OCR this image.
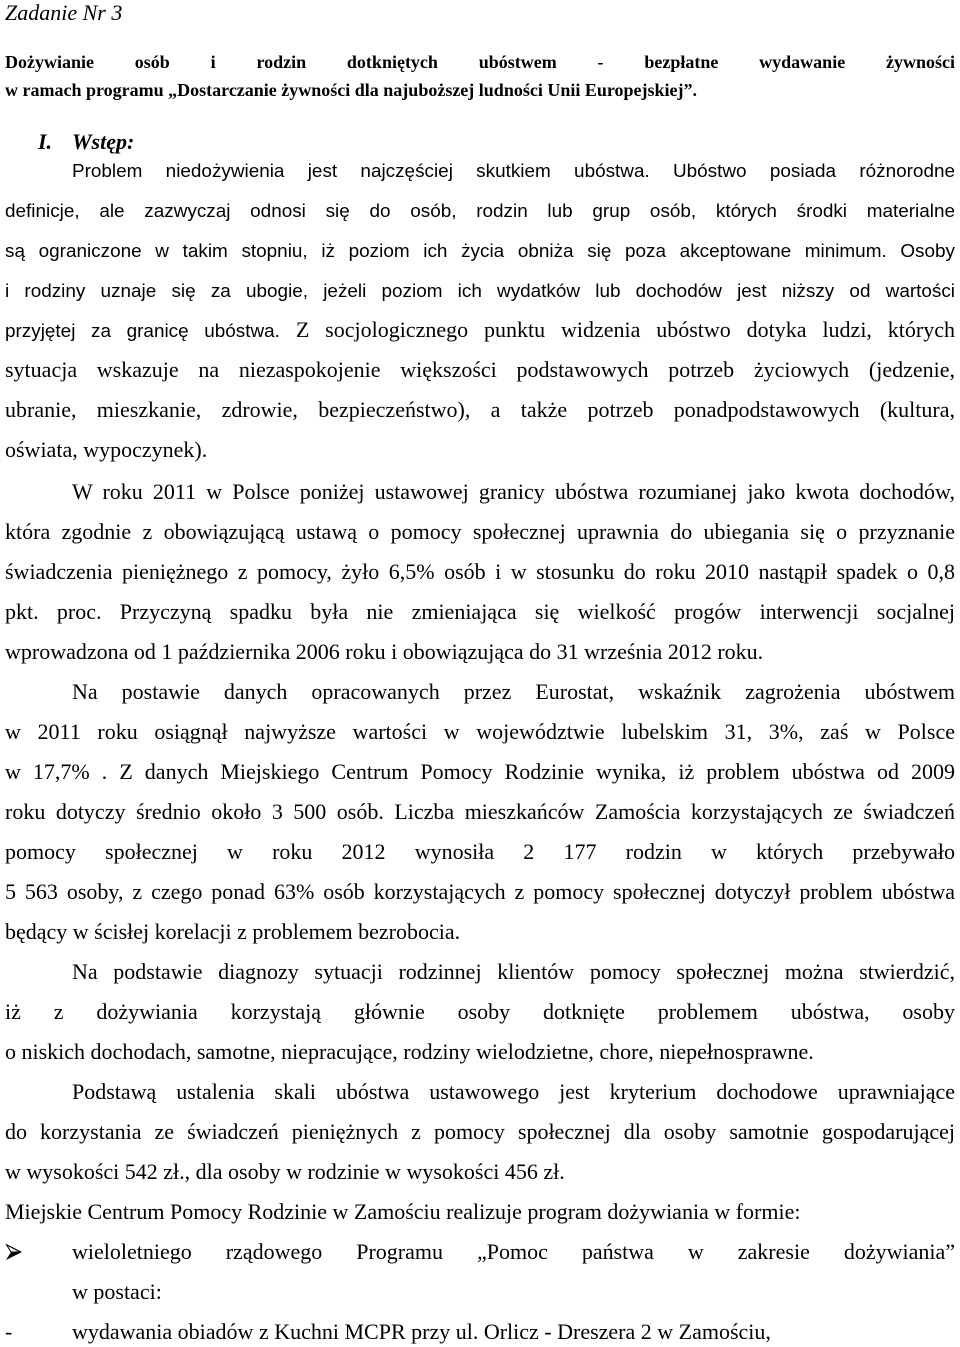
Zadanie Nr 3
Dożywianie osób i rodzin dotkniętych ubóstwem - bezpłatne wydawanie żywności
w ramach programu „Dostarczanie żywności dla najuboższej ludności Unii Europejskiej”.
I. Wstęp:
Problem niedożywienia jest najczęściej skutkiem ubóstwa. Ubóstwo posiada różnorodne
definicje, ale zazwyczaj odnosi się do osób, rodzin lub grup osób, których środki materialne
są ograniczone w takim stopniu, iż poziom ich życia obniża się poza akceptowane minimum. Osoby
i rodziny uznaje się za ubogie, jeżeli poziom ich wydatków lub dochodów jest niższy od wartości
przyjętej za granicę ubóstwa. Z socjologicznego punktu widzenia ubóstwo dotyka ludzi, których
sytuacja wskazuje na niezaspokojenie większości podstawowych potrzeb życiowych (jedzenie,
ubranie, mieszkanie, zdrowie, bezpieczeństwo), a także potrzeb ponadpodstawowych (kultura,
oświata, wypoczynek).
W roku 2011 w Polsce poniżej ustawowej granicy ubóstwa rozumianej jako kwota dochodów,
która zgodnie z obowiązującą ustawą o pomocy społecznej uprawnia do ubiegania się o przyznanie
świadczenia pieniężnego z pomocy, żyło 6,5% osób i w stosunku do roku 2010 nastąpił spadek o 0,8
pkt. proc. Przyczyną spadku była nie zmieniająca się wielkość progów interwencji socjalnej
wprowadzona od 1 października 2006 roku i obowiązująca do 31 września 2012 roku.
Na postawie danych opracowanych przez Eurostat, wskaźnik zagrożenia ubóstwem
w 2011 roku osiągnął najwyższe wartości w województwie lubelskim 31, 3%, zaś w Polsce
w 17,7% . Z danych Miejskiego Centrum Pomocy Rodzinie wynika, iż problem ubóstwa od 2009
roku dotyczy średnio około 3 500 osób. Liczba mieszkańców Zamościa korzystających ze świadczeń
pomocy społecznej w roku 2012 wynosiła 2 177 rodzin w których przebywało
5 563 osoby, z czego ponad 63% osób korzystających z pomocy społecznej dotyczył problem ubóstwa
będący w ścisłej korelacji z problemem bezrobocia.
Na podstawie diagnozy sytuacji rodzinnej klientów pomocy społecznej można stwierdzić,
iż z dożywiania korzystają głównie osoby dotknięte problemem ubóstwa, osoby
o niskich dochodach, samotne, niepracujące, rodziny wielodzietne, chore, niepełnosprawne.
Podstawą ustalenia skali ubóstwa ustawowego jest kryterium dochodowe uprawniające
do korzystania ze świadczeń pieniężnych z pomocy społecznej dla osoby samotnie gospodarującej
w wysokości 542 zł., dla osoby w rodzinie w wysokości 456 zł.
Miejskie Centrum Pomocy Rodzinie w Zamościu realizuje program dożywiania w formie:
wieloletniego rządowego Programu „Pomoc państwa w zakresie dożywiania”
w postaci:
-	wydawania obiadów z Kuchni MCPR przy ul. Orlicz - Dreszera 2 w Zamościu,
